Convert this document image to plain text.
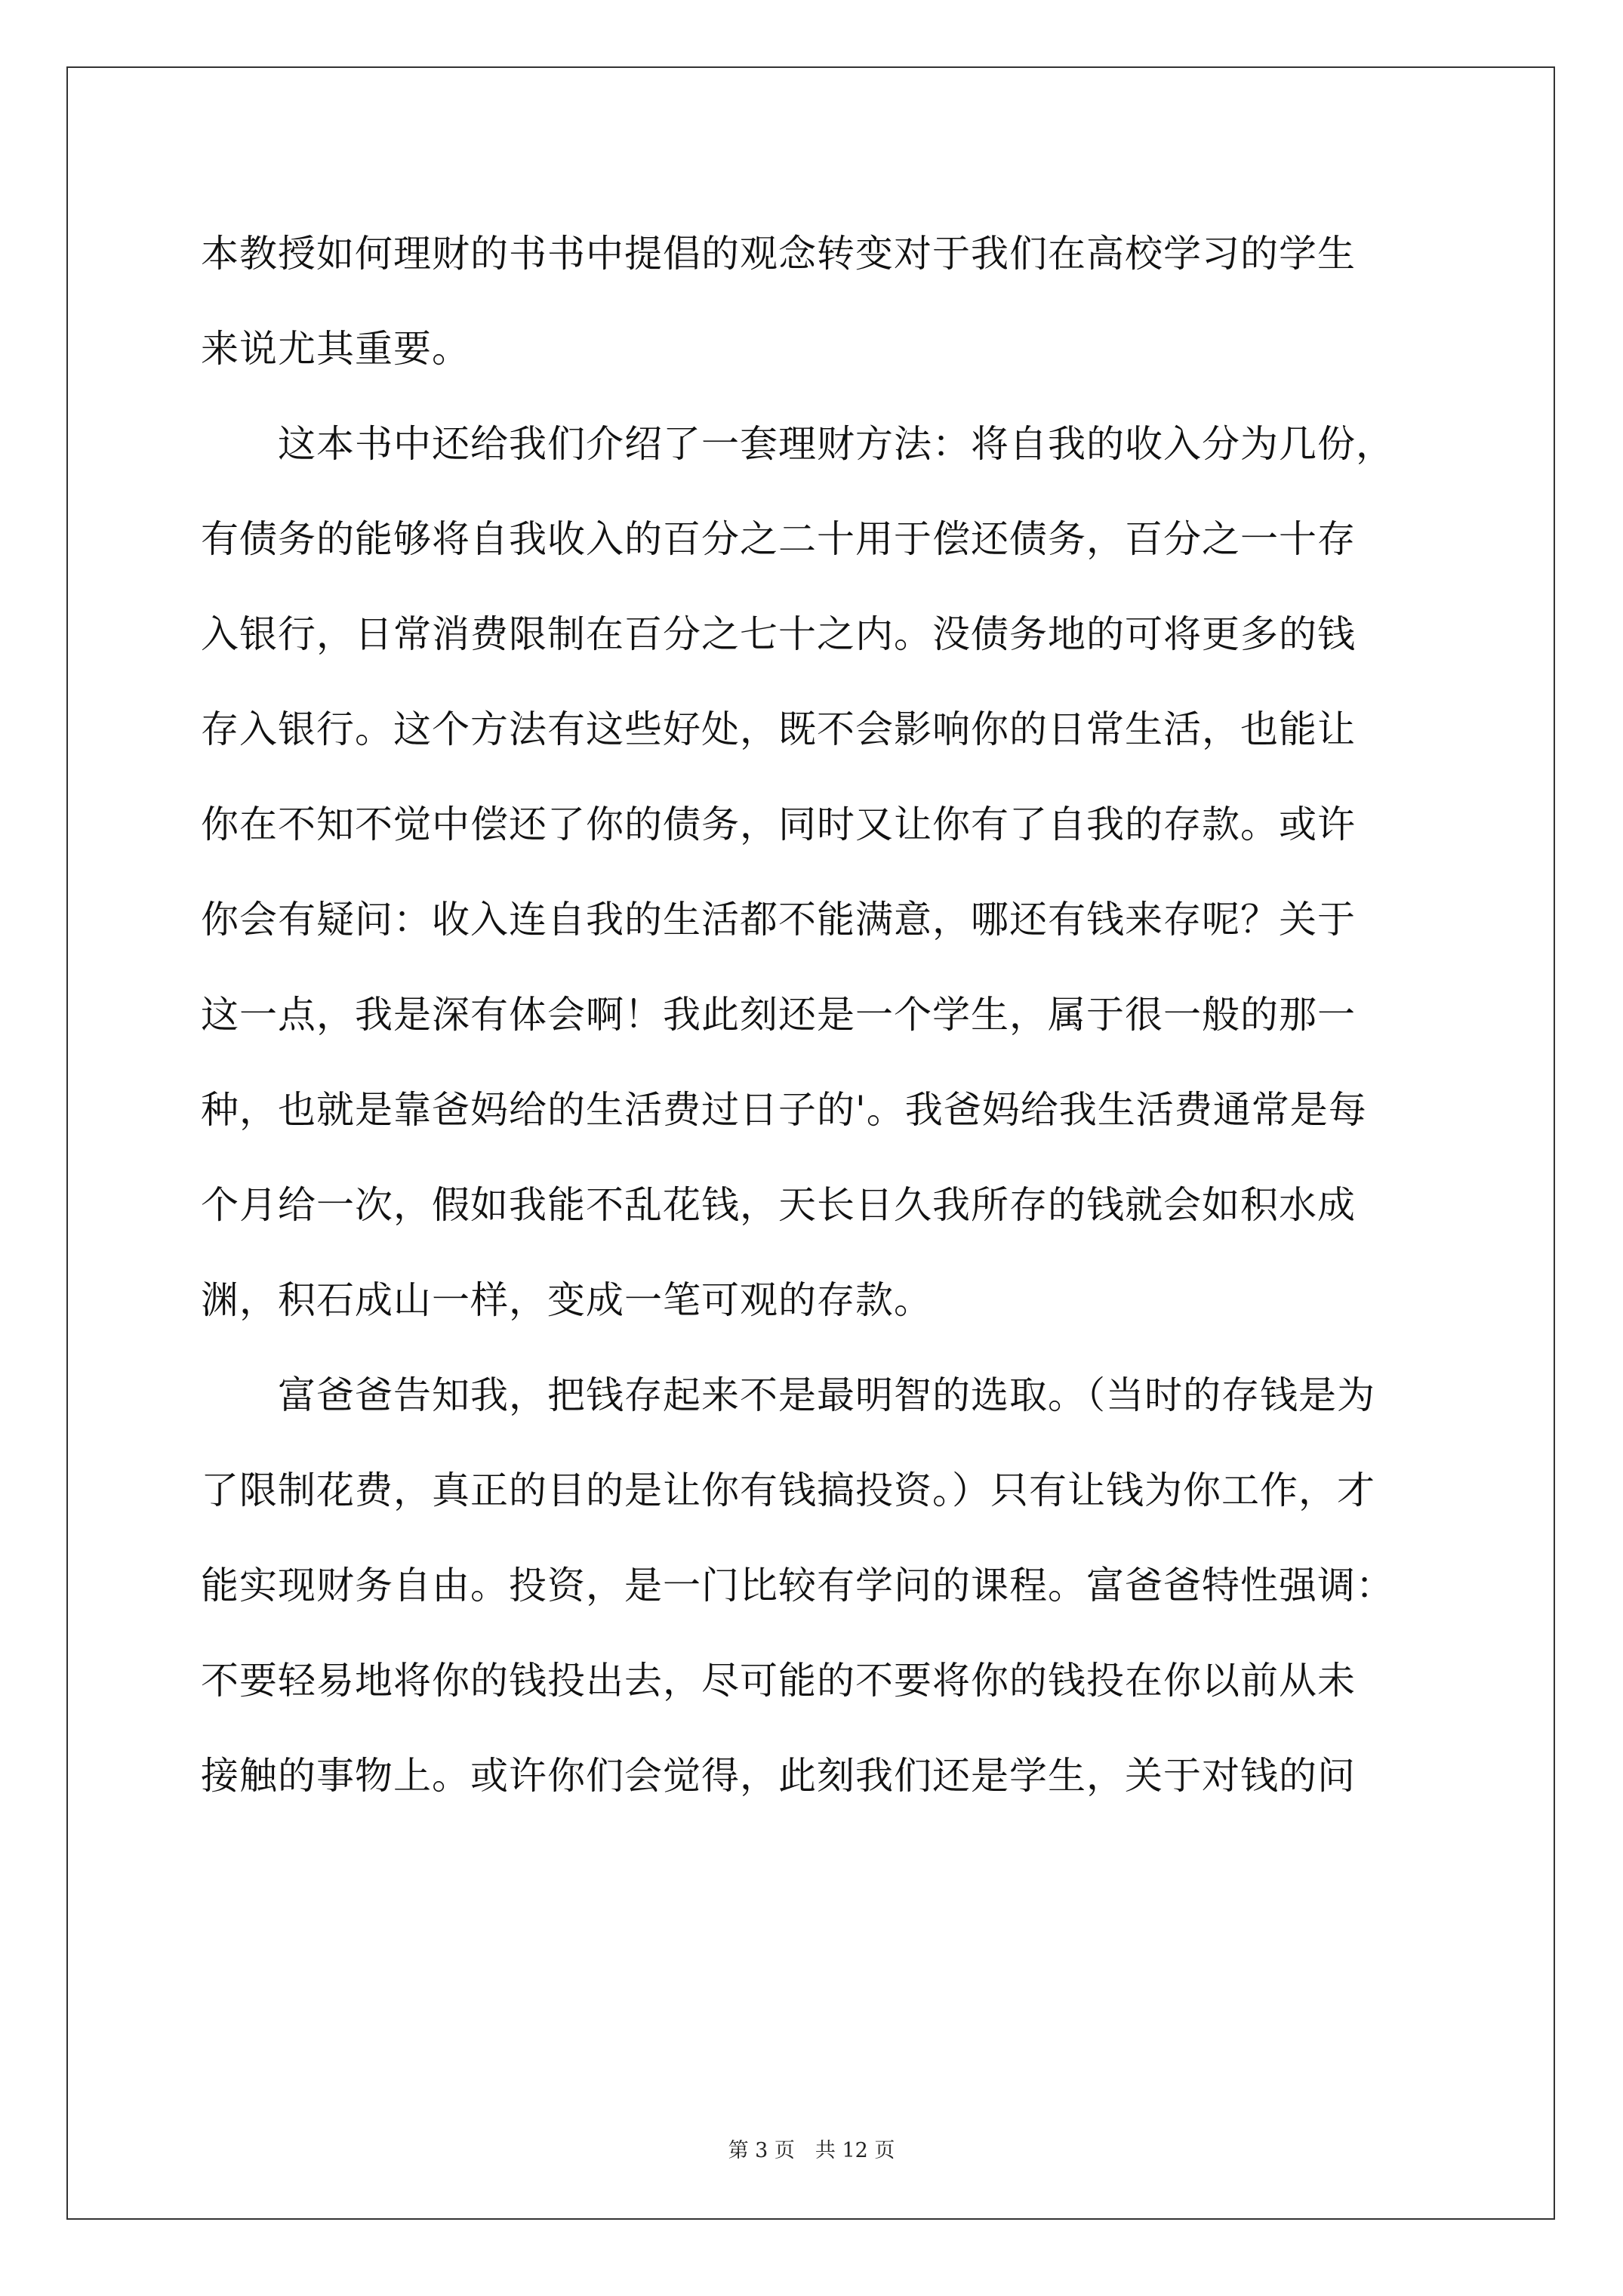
本教授如何理财的书书中提倡的观念转变对于我们在高校学习的学生
来说尤其重要。
　　这本书中还给我们介绍了一套理财方法：将自我的收入分为几份，
有债务的能够将自我收入的百分之二十用于偿还债务，百分之一十存
入银行，日常消费限制在百分之七十之内。没债务地的可将更多的钱
存入银行。这个方法有这些好处，既不会影响你的日常生活，也能让
你在不知不觉中偿还了你的债务，同时又让你有了自我的存款。或许
你会有疑问：收入连自我的生活都不能满意，哪还有钱来存呢？关于
这一点，我是深有体会啊！我此刻还是一个学生，属于很一般的那一
种，也就是靠爸妈给的生活费过日子的'。我爸妈给我生活费通常是每
个月给一次，假如我能不乱花钱，天长日久我所存的钱就会如积水成
渊，积石成山一样，变成一笔可观的存款。
　　富爸爸告知我，把钱存起来不是最明智的选取。（当时的存钱是为
了限制花费，真正的目的是让你有钱搞投资。）只有让钱为你工作，才
能实现财务自由。投资，是一门比较有学问的课程。富爸爸特性强调：
不要轻易地将你的钱投出去，尽可能的不要将你的钱投在你以前从未
接触的事物上。或许你们会觉得，此刻我们还是学生，关于对钱的问
第 3 页　共 12 页
